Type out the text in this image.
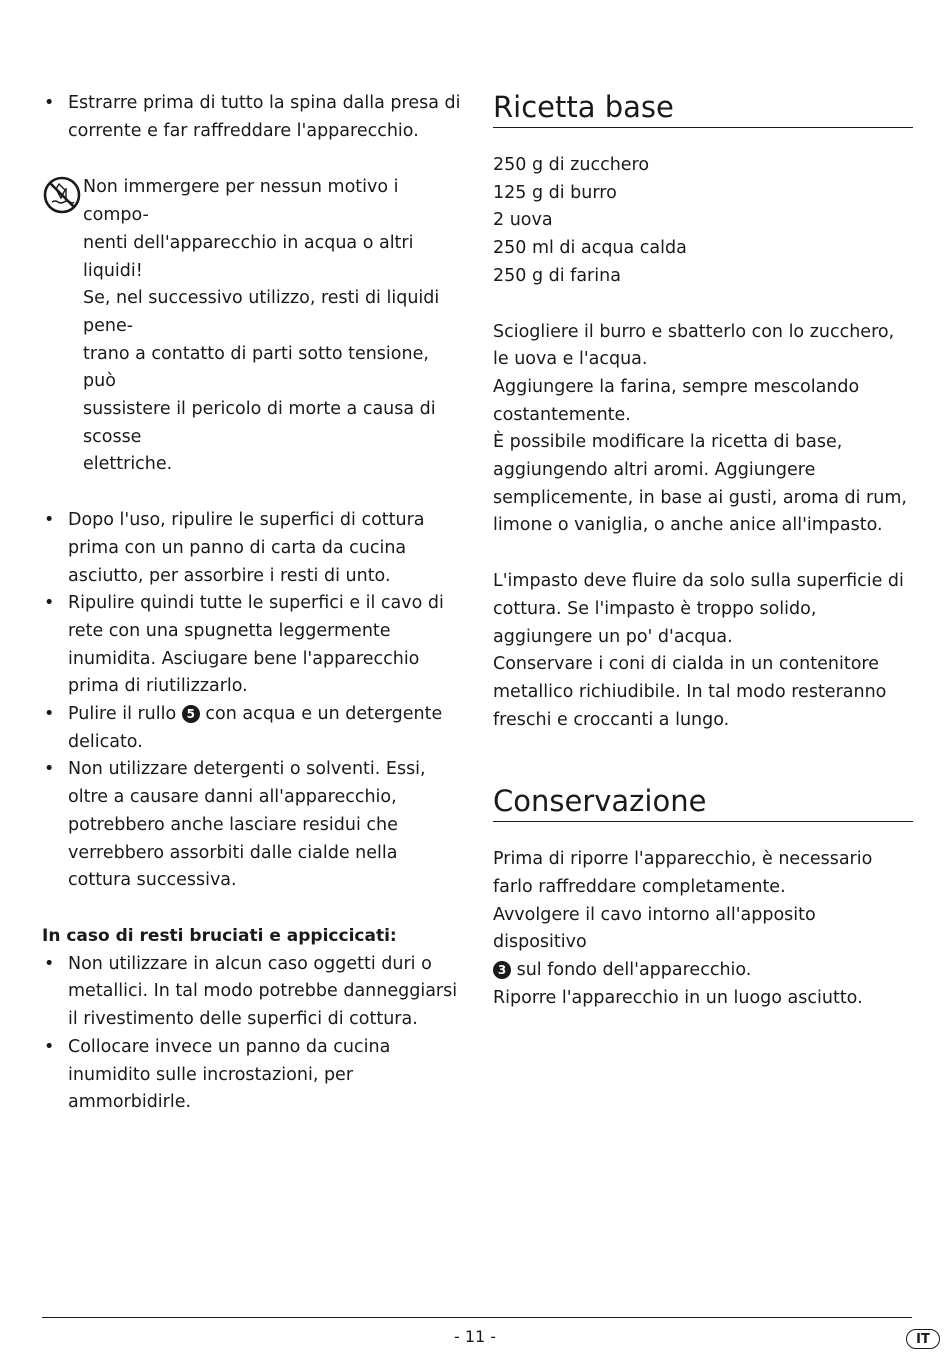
• Estrarre prima di tutto la spina dalla presa di corrente e far raffreddare l'apparecchio.
Non immergere per nessun motivo i compo-
nenti dell'apparecchio in acqua o altri liquidi!
Se, nel successivo utilizzo, resti di liquidi pene-
trano a contatto di parti sotto tensione, può
sussistere il pericolo di morte a causa di scosse
elettriche.
• Dopo l'uso, ripulire le superfici di cottura prima con un panno di carta da cucina asciutto, per assorbire i resti di unto.
• Ripulire quindi tutte le superfici e il cavo di rete con una spugnetta leggermente inumidita. Asciugare bene l'apparecchio prima di riutilizzarlo.
• Pulire il rullo 5 con acqua e un detergente delicato.
• Non utilizzare detergenti o solventi. Essi, oltre a causare danni all'apparecchio, potrebbero anche lasciare residui che verrebbero assorbiti dalle cialde nella cottura successiva.
In caso di resti bruciati e appiccicati:
• Non utilizzare in alcun caso oggetti duri o metallici. In tal modo potrebbe danneggiarsi il rivestimento delle superfici di cottura.
• Collocare invece un panno da cucina inumidito sulle incrostazioni, per ammorbidirle.
Ricetta base
250 g di zucchero
125 g di burro
2 uova
250 ml di acqua calda
250 g di farina

Sciogliere il burro e sbatterlo con lo zucchero, le uova e l'acqua.

Aggiungere la farina, sempre mescolando costantemente.

È possibile modificare la ricetta di base, aggiungendo altri aromi. Aggiungere semplicemente, in base ai gusti, aroma di rum, limone o vaniglia, o anche anice all'impasto.

L'impasto deve fluire da solo sulla superficie di cottura. Se l'impasto è troppo solido, aggiungere un po' d'acqua.

Conservare i coni di cialda in un contenitore metallico richiudibile. In tal modo resteranno freschi e croccanti a lungo.

Conservazione

Prima di riporre l'apparecchio, è necessario farlo raffreddare completamente.

Avvolgere il cavo intorno all'apposito dispositivo
3 sul fondo dell'apparecchio.

Riporre l'apparecchio in un luogo asciutto.

- 11 -	IT
